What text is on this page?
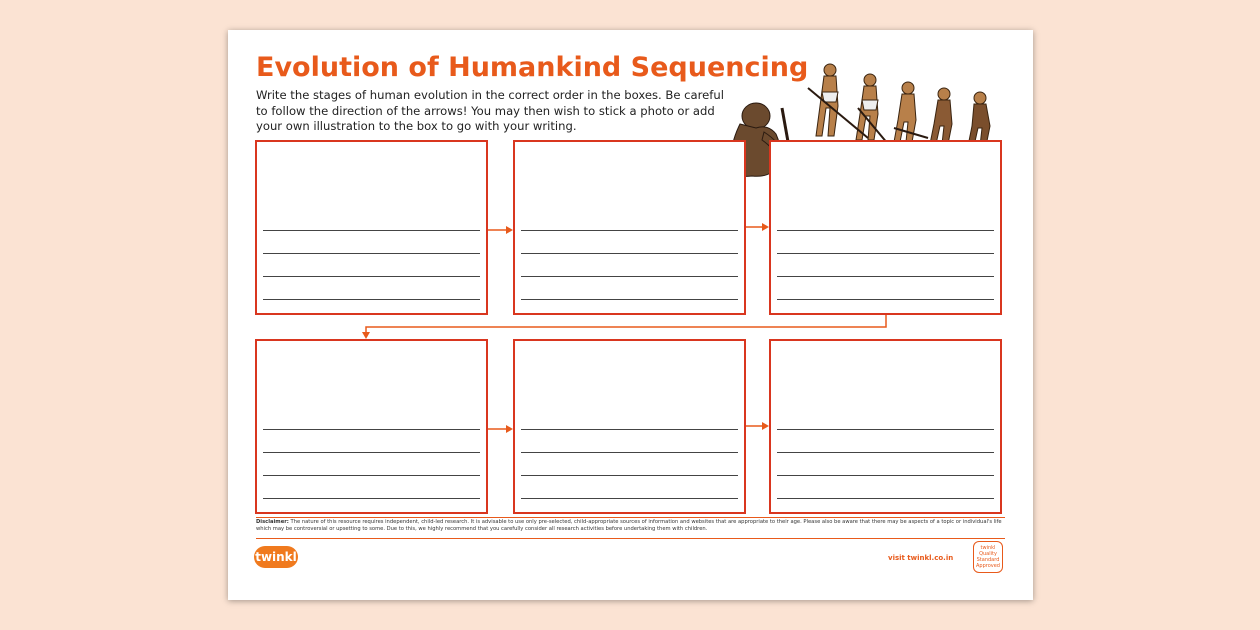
Evolution of Humankind Sequencing
Write the stages of human evolution in the correct order in the boxes. Be careful to follow the direction of the arrows! You may then wish to stick a photo or add your own illustration to the box to go with your writing.
Disclaimer: The nature of this resource requires independent, child-led research. It is advisable to use only pre-selected, child-appropriate sources of information and websites that are appropriate to their age. Please also be aware that there may be aspects of a topic or individual's life which may be controversial or upsetting to some. Due to this, we highly recommend that you carefully consider all research activities before undertaking them with children.
twinkl	visit twinkl.co.in
twinkl Quality Standard Approved
